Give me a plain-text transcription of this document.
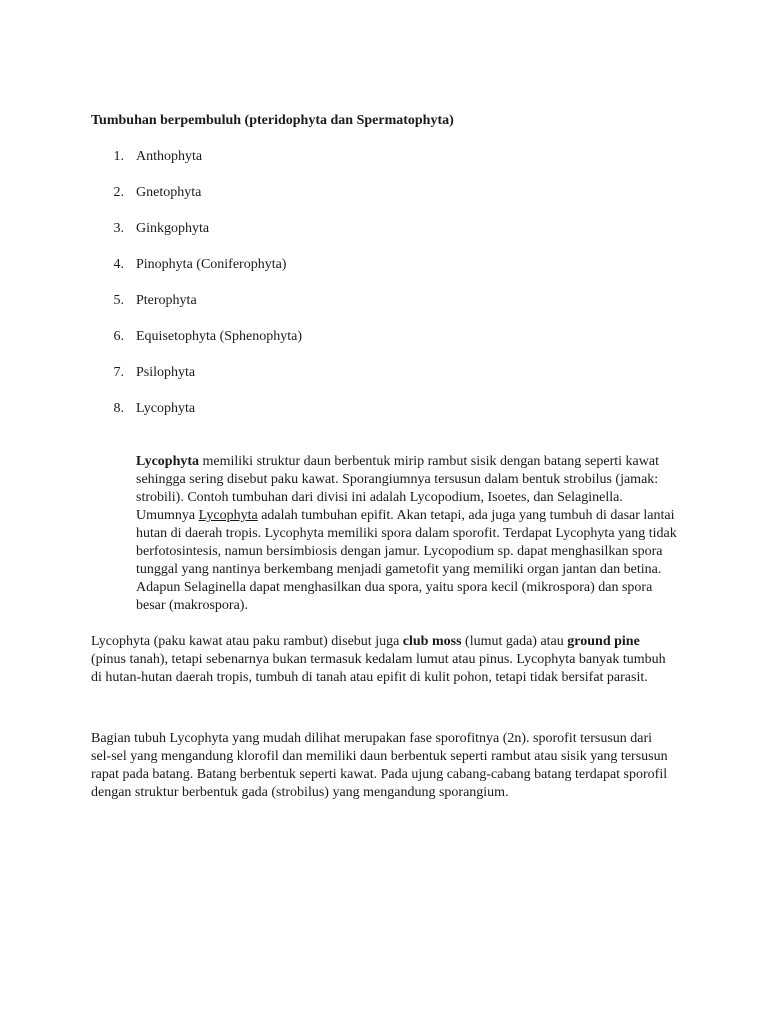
Tumbuhan berpembuluh (pteridophyta dan Spermatophyta)

1. Anthophyta
2. Gnetophyta
3. Ginkgophyta
4. Pinophyta (Coniferophyta)
5. Pterophyta
6. Equisetophyta (Sphenophyta)
7. Psilophyta
8. Lycophyta

Lycophyta memiliki struktur daun berbentuk mirip rambut sisik dengan batang seperti kawat sehingga sering disebut paku kawat. Sporangiumnya tersusun dalam bentuk strobilus (jamak: strobili). Contoh tumbuhan dari divisi ini adalah Lycopodium, Isoetes, dan Selaginella. Umumnya Lycophyta adalah tumbuhan epifit. Akan tetapi, ada juga yang tumbuh di dasar lantai hutan di daerah tropis. Lycophyta memiliki spora dalam sporofit. Terdapat Lycophyta yang tidak berfotosintesis, namun bersimbiosis dengan jamur. Lycopodium sp. dapat menghasilkan spora tunggal yang nantinya berkembang menjadi gametofit yang memiliki organ jantan dan betina. Adapun Selaginella dapat menghasilkan dua spora, yaitu spora kecil (mikrospora) dan spora besar (makrospora).

Lycophyta (paku kawat atau paku rambut) disebut juga club moss (lumut gada) atau ground pine (pinus tanah), tetapi sebenarnya bukan termasuk kedalam lumut atau pinus. Lycophyta banyak tumbuh di hutan-hutan daerah tropis, tumbuh di tanah atau epifit di kulit pohon, tetapi tidak bersifat parasit.

Bagian tubuh Lycophyta yang mudah dilihat merupakan fase sporofitnya (2n). sporofit tersusun dari sel-sel yang mengandung klorofil dan memiliki daun berbentuk seperti rambut atau sisik yang tersusun rapat pada batang. Batang berbentuk seperti kawat. Pada ujung cabang-cabang batang terdapat sporofil dengan struktur berbentuk gada (strobilus) yang mengandung sporangium.
